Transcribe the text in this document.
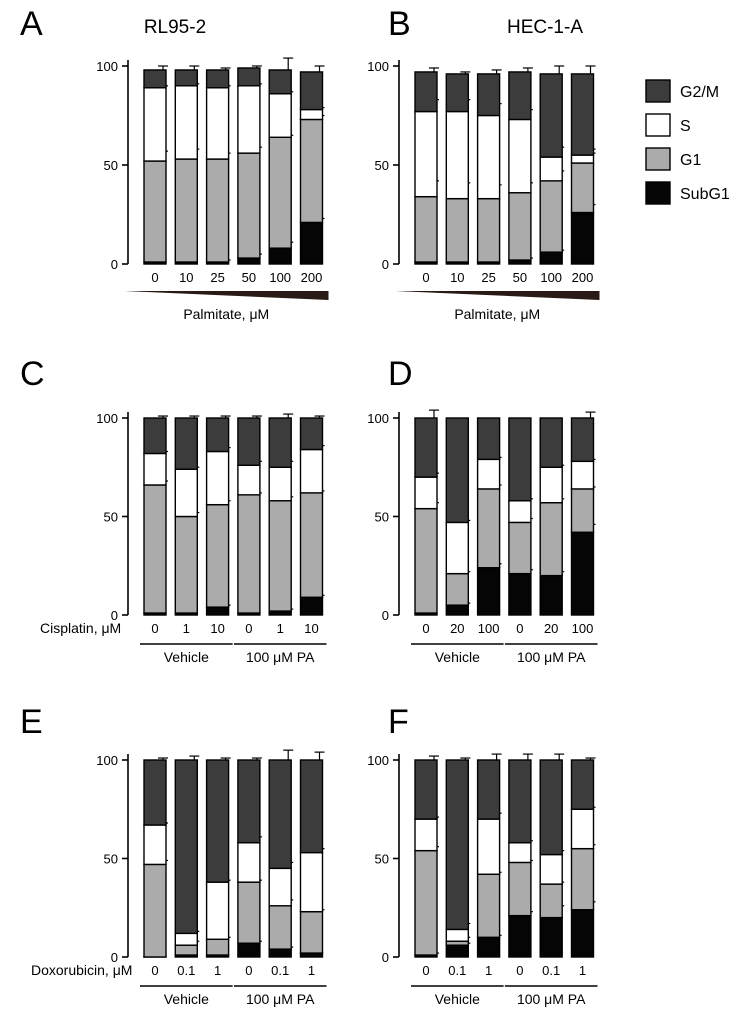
A	RL95-2
0
50
100
0 10 25 50 100 200
Palmitate, μM
B	HEC-1-A
0
50
100
0 10 25 50 100 200
Palmitate, μM
C
0
50
100
0 1 10 0 1 10
Vehicle	100 μM PA
Cisplatin, μM
D
0
50
100
0 20 100 0 20 100
Vehicle	100 μM PA
E
0
50
100
0 0.1 1 0 0.1 1
Vehicle	100 μM PA
Doxorubicin, μM
F
0
50
100
0 0.1 1 0 0.1 1
Vehicle	100 μM PA
G2/M
S
G1
SubG1
